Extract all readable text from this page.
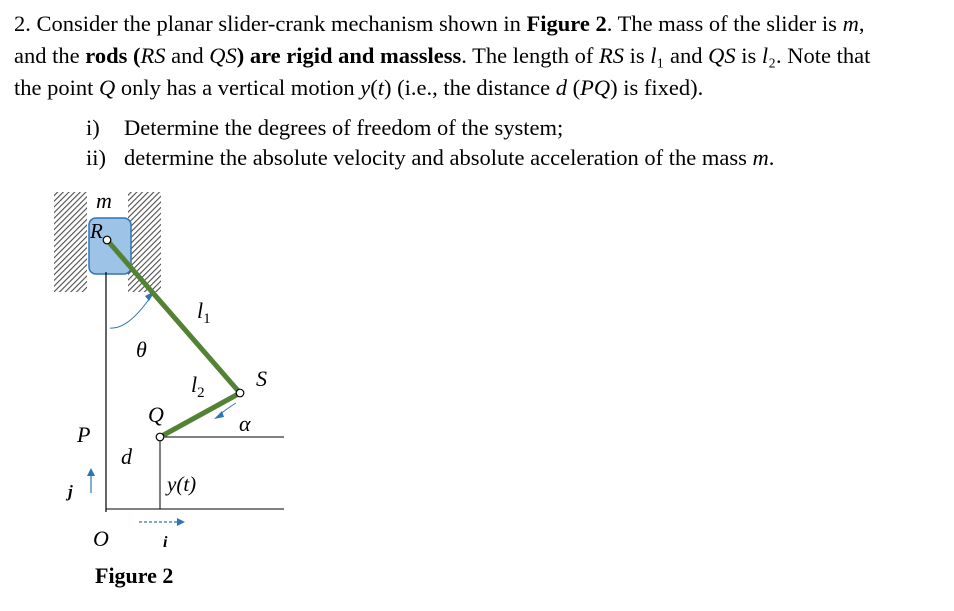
2. Consider the planar slider-crank mechanism shown in Figure 2. The mass of the slider is m,
and the rods (RS and QS) are rigid and massless. The length of RS is l₁ and QS is l₂. Note that
the point Q only has a vertical motion y(t) (i.e., the distance d (PQ) is fixed).
i) Determine the degrees of freedom of the system;
ii) determine the absolute velocity and absolute acceleration of the mass m.
m
R
$l_1$
θ
$l_2$
S
α
P
Q
d
y(t)
j
O	i
Figure 2
